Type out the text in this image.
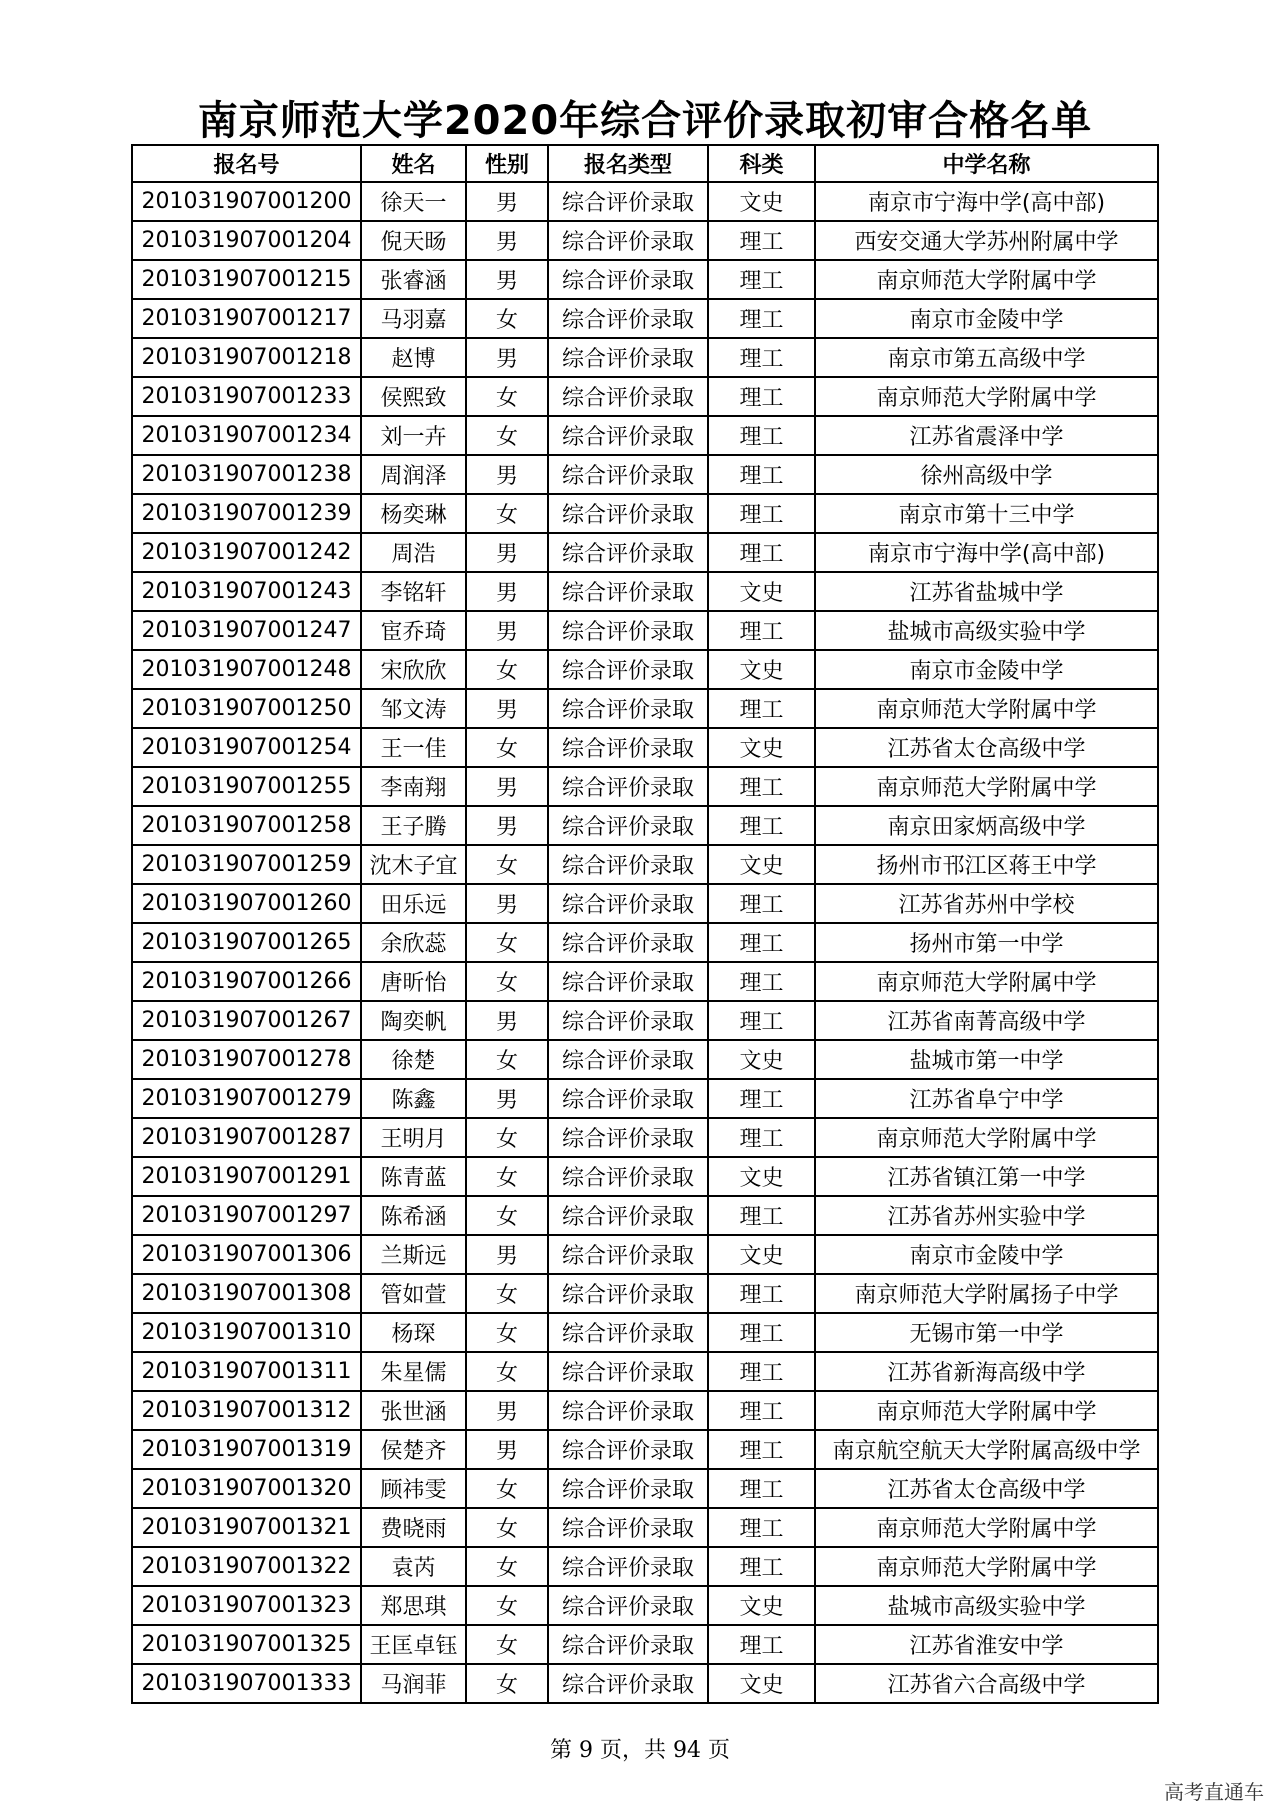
南京师范大学2020年综合评价录取初审合格名单
报名号	姓名	性别	报名类型	科类	中学名称
201031907001200	徐天一	男	综合评价录取	文史	南京市宁海中学(高中部)
201031907001204	倪天旸	男	综合评价录取	理工	西安交通大学苏州附属中学
201031907001215	张睿涵	男	综合评价录取	理工	南京师范大学附属中学
201031907001217	马羽嘉	女	综合评价录取	理工	南京市金陵中学
201031907001218	赵博	男	综合评价录取	理工	南京市第五高级中学
201031907001233	侯熙致	女	综合评价录取	理工	南京师范大学附属中学
201031907001234	刘一卉	女	综合评价录取	理工	江苏省震泽中学
201031907001238	周润泽	男	综合评价录取	理工	徐州高级中学
201031907001239	杨奕琳	女	综合评价录取	理工	南京市第十三中学
201031907001242	周浩	男	综合评价录取	理工	南京市宁海中学(高中部)
201031907001243	李铭轩	男	综合评价录取	文史	江苏省盐城中学
201031907001247	宦乔琦	男	综合评价录取	理工	盐城市高级实验中学
201031907001248	宋欣欣	女	综合评价录取	文史	南京市金陵中学
201031907001250	邹文涛	男	综合评价录取	理工	南京师范大学附属中学
201031907001254	王一佳	女	综合评价录取	文史	江苏省太仓高级中学
201031907001255	李南翔	男	综合评价录取	理工	南京师范大学附属中学
201031907001258	王子腾	男	综合评价录取	理工	南京田家炳高级中学
201031907001259	沈木子宜	女	综合评价录取	文史	扬州市邗江区蒋王中学
201031907001260	田乐远	男	综合评价录取	理工	江苏省苏州中学校
201031907001265	余欣蕊	女	综合评价录取	理工	扬州市第一中学
201031907001266	唐昕怡	女	综合评价录取	理工	南京师范大学附属中学
201031907001267	陶奕帆	男	综合评价录取	理工	江苏省南菁高级中学
201031907001278	徐楚	女	综合评价录取	文史	盐城市第一中学
201031907001279	陈鑫	男	综合评价录取	理工	江苏省阜宁中学
201031907001287	王明月	女	综合评价录取	理工	南京师范大学附属中学
201031907001291	陈青蓝	女	综合评价录取	文史	江苏省镇江第一中学
201031907001297	陈希涵	女	综合评价录取	理工	江苏省苏州实验中学
201031907001306	兰斯远	男	综合评价录取	文史	南京市金陵中学
201031907001308	管如萱	女	综合评价录取	理工	南京师范大学附属扬子中学
201031907001310	杨琛	女	综合评价录取	理工	无锡市第一中学
201031907001311	朱星儒	女	综合评价录取	理工	江苏省新海高级中学
201031907001312	张世涵	男	综合评价录取	理工	南京师范大学附属中学
201031907001319	侯楚齐	男	综合评价录取	理工	南京航空航天大学附属高级中学
201031907001320	顾祎雯	女	综合评价录取	理工	江苏省太仓高级中学
201031907001321	费晓雨	女	综合评价录取	理工	南京师范大学附属中学
201031907001322	袁芮	女	综合评价录取	理工	南京师范大学附属中学
201031907001323	郑思琪	女	综合评价录取	文史	盐城市高级实验中学
201031907001325	王匡卓钰	女	综合评价录取	理工	江苏省淮安中学
201031907001333	马润菲	女	综合评价录取	文史	江苏省六合高级中学
第 9 页，共 94 页
高考直通车
